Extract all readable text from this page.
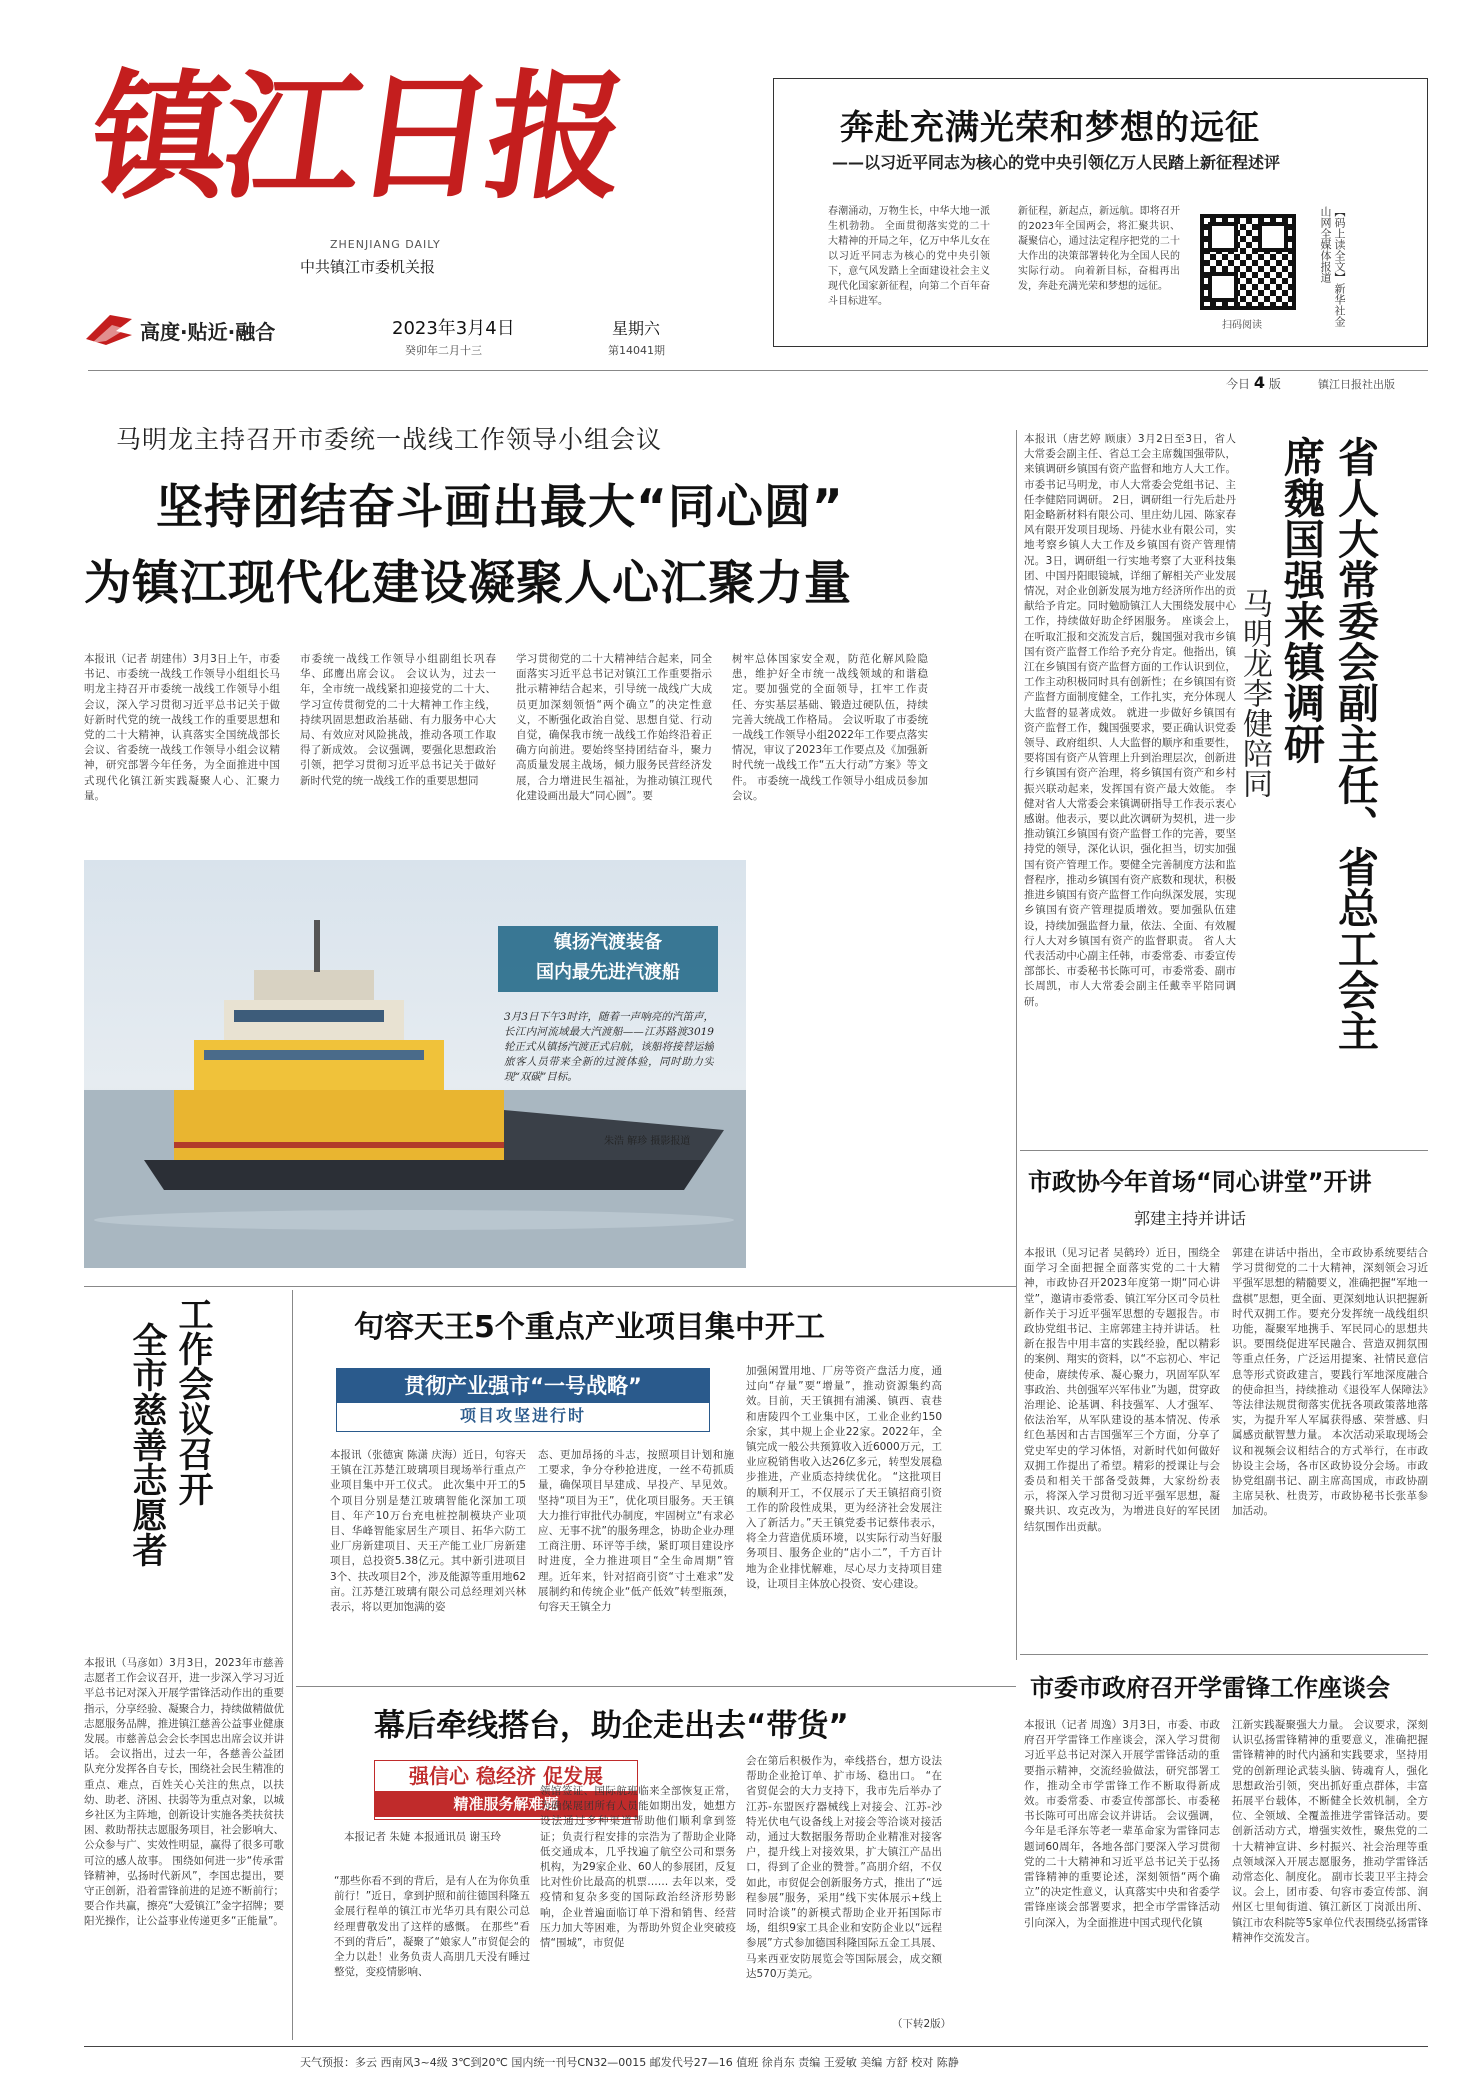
镇江日报
ZHENJIANG DAILY
中共镇江市委机关报
高度·贴近·融合	2023年3月4日
癸卯年二月十三
星期六
第14041期
奔赴充满光荣和梦想的远征
——以习近平同志为核心的党中央引领亿万人民踏上新征程述评
春潮涌动，万物生长，中华大地一派生机勃勃。 全面贯彻落实党的二十大精神的开局之年，亿万中华儿女在以习近平同志为核心的党中央引领下，意气风发踏上全面建设社会主义现代化国家新征程，向第二个百年奋斗目标进军。
新征程，新起点，新远航。即将召开的2023年全国两会，将汇聚共识、凝聚信心，通过法定程序把党的二十大作出的决策部署转化为全国人民的实际行动。 向着新目标，奋楫再出发，奔赴充满光荣和梦想的远征。
扫码阅读	【码上读全文】新华社金山网全媒体报道
今日 4 版	镇江日报社出版
马明龙主持召开市委统一战线工作领导小组会议
坚持团结奋斗画出最大“同心圆”
为镇江现代化建设凝聚人心汇聚力量
本报讯（记者 胡建伟）3月3日上午，市委书记、市委统一战线工作领导小组组长马明龙主持召开市委统一战线工作领导小组会议，深入学习贯彻习近平总书记关于做好新时代党的统一战线工作的重要思想和党的二十大精神，认真落实全国统战部长会议、省委统一战线工作领导小组会议精神，研究部署今年任务，为全面推进中国式现代化镇江新实践凝聚人心、汇聚力量。
市委统一战线工作领导小组副组长巩春华、邱鹰出席会议。 会议认为，过去一年，全市统一战线紧扣迎接党的二十大、学习宣传贯彻党的二十大精神工作主线，持续巩固思想政治基础、有力服务中心大局、有效应对风险挑战，推动各项工作取得了新成效。 会议强调，要强化思想政治引领，把学习贯彻习近平总书记关于做好新时代党的统一战线工作的重要思想同
学习贯彻党的二十大精神结合起来，同全面落实习近平总书记对镇江工作重要指示批示精神结合起来，引导统一战线广大成员更加深刻领悟“两个确立”的决定性意义，不断强化政治自觉、思想自觉、行动自觉，确保我市统一战线工作始终沿着正确方向前进。要始终坚持团结奋斗，聚力高质量发展主战场，倾力服务民营经济发展，合力增进民生福祉，为推动镇江现代化建设画出最大“同心圆”。要
树牢总体国家安全观，防范化解风险隐患，维护好全市统一战线领域的和谐稳定。要加强党的全面领导，扛牢工作责任、夯实基层基础、锻造过硬队伍，持续完善大统战工作格局。 会议听取了市委统一战线工作领导小组2022年工作要点落实情况，审议了2023年工作要点及《加强新时代统一战线工作“五大行动”方案》等文件。 市委统一战线工作领导小组成员参加会议。
镇扬汽渡装备
国内最先进汽渡船
3月3日下午3时许，随着一声响亮的汽笛声，长江内河流域最大汽渡船——江苏路渡3019轮正式从镇扬汽渡正式启航，该船将接替运输旅客人员带来全新的过渡体验，同时助力实现“双碳”目标。
朱浩 解珍 摄影报道
本报讯（唐艺婷 顾康）3月2日至3日，省人大常委会副主任、省总工会主席魏国强带队，来镇调研乡镇国有资产监督和地方人大工作。市委书记马明龙，市人大常委会党组书记、主任李健陪同调研。 2日，调研组一行先后赴丹阳金略新材料有限公司、里庄幼儿园、陈家春风有限开发项目现场、丹徒水业有限公司，实地考察乡镇人大工作及乡镇国有资产管理情况。3日，调研组一行实地考察了大亚科技集团、中国丹阳眼镜城，详细了解相关产业发展情况，对企业创新发展为地方经济所作出的贡献给予肯定。同时勉励镇江人大围绕发展中心工作，持续做好助企纾困服务。 座谈会上，在听取汇报和交流发言后，魏国强对我市乡镇国有资产监督工作给予充分肯定。他指出，镇江在乡镇国有资产监督方面的工作认识到位，工作主动积极同时具有创新性；在乡镇国有资产监督方面制度健全，工作扎实，充分体现人大监督的显著成效。 就进一步做好乡镇国有资产监督工作，魏国强要求，要正确认识党委领导、政府组织、人大监督的顺序和重要性，要将国有资产从管理上升到治理层次，创新进行乡镇国有资产治理，将乡镇国有资产和乡村振兴联动起来，发挥国有资产最大效能。 李健对省人大常委会来镇调研指导工作表示衷心感谢。他表示，要以此次调研为契机，进一步推动镇江乡镇国有资产监督工作的完善，要坚持党的领导，深化认识，强化担当，切实加强国有资产管理工作。要健全完善制度方法和监督程序，推动乡镇国有资产底数和现状，积极推进乡镇国有资产监督工作向纵深发展，实现乡镇国有资产管理提质增效。要加强队伍建设，持续加强监督力量，依法、全面、有效履行人大对乡镇国有资产的监督职责。 省人大代表活动中心副主任韩，市委常委、市委宣传部部长、市委秘书长陈可可，市委常委、副市长周凯，市人大常委会副主任戴幸平陪同调研。	省人大常委会副主任、省总工会主席魏国强来镇调研
马明龙李健陪同
市政协今年首场“同心讲堂”开讲
郭建主持并讲话
本报讯（见习记者 吴鹤玲）近日，围绕全面学习全面把握全面落实党的二十大精神，市政协召开2023年度第一期“同心讲堂”，邀请市委常委、镇江军分区司令员杜新作关于习近平强军思想的专题报告。市政协党组书记、主席郭建主持并讲话。 杜新在报告中用丰富的实践经验，配以精彩的案例、翔实的资料，以“不忘初心、牢记使命，赓续传承、凝心聚力，巩固军队军事政治、共创强军兴军伟业”为题，贯穿政治理论、论基调、科技强军、人才强军、依法治军，从军队建设的基本情况、传承红色基因和古吉国强军三个方面，分享了党史军史的学习体悟，对新时代如何做好双拥工作提出了希望。精彩的授课让与会委员和相关干部备受鼓舞，大家纷纷表示，将深入学习贯彻习近平强军思想，凝聚共识、攻克改为，为增进良好的军民团结氛围作出贡献。
郭建在讲话中指出，全市政协系统要结合学习贯彻党的二十大精神，深刻领会习近平强军思想的精髓要义，准确把握“军地一盘棋”思想，更全面、更深刻地认识把握新时代双拥工作。要充分发挥统一战线组织功能，凝聚军地携手、军民同心的思想共识。要围绕促进军民融合、营造双拥氛围等重点任务，广泛运用提案、社情民意信息等形式资政建言，要践行军地深度融合的使命担当，持续推动《退役军人保障法》等法律法规贯彻落实优抚各项政策落地落实，为提升军人军属获得感、荣誉感、归属感贡献智慧力量。 本次活动采取现场会议和视频会议相结合的方式举行，在市政协设主会场，各市区政协设分会场。市政协党组副书记、副主席高国成，市政协副主席吴秋、杜贵芳，市政协秘书长张革参加活动。
全市慈善志愿者 工作会议召开
本报讯（马彦如）3月3日，2023年市慈善志愿者工作会议召开，进一步深入学习习近平总书记对深入开展学雷锋活动作出的重要指示，分享经验、凝聚合力，持续做精做优志愿服务品牌，推进镇江慈善公益事业健康发展。市慈善总会会长李国忠出席会议并讲话。 会议指出，过去一年，各慈善公益团队充分发挥各自专长，围绕社会民生精准的重点、难点，百姓关心关注的焦点，以扶幼、助老、济困、扶弱等为重点对象，以城乡社区为主阵地，创新设计实施各类扶贫扶困、救助帮扶志愿服务项目，社会影响大、公众参与广、实效性明显，赢得了很多可歌可泣的感人故事。 围绕如何进一步“传承雷锋精神，弘扬时代新风”，李国忠提出，要守正创新，沿着雷锋前进的足迹不断前行；要合作共赢，擦亮“大爱镇江”金字招牌；要阳光操作，让公益事业传递更多“正能量”。
句容天王5个重点产业项目集中开工
贯彻产业强市“一号战略”
项目攻坚进行时
本报讯（张德寅 陈潇 庆海）近日，句容天王镇在江苏楚江玻璃项目现场举行重点产业项目集中开工仪式。 此次集中开工的5个项目分别是楚江玻璃智能化深加工项目、年产10万台充电桩控制模块产业项目、华峰智能家居生产项目、拓华六防工业厂房新建项目、天王产能工业厂房新建项目，总投资5.38亿元。其中新引进项目3个、扶改项目2个，涉及能源等重用地62亩。江苏楚江玻璃有限公司总经理刘兴林表示，将以更加饱满的姿
态、更加昂扬的斗志，按照项目计划和施工要求，争分夺秒抢进度，一丝不苟抓质量，确保项目早建成、早投产、早见效。 坚持“项目为王”，优化项目服务。天王镇大力推行审批代办制度，牢固树立“有求必应、无事不扰”的服务理念，协助企业办理工商注册、环评等手续，紧盯项目建设序时进度，全力推进项目“全生命周期”管理。近年来，针对招商引资“寸土难求”发展制约和传统企业“低产低效”转型瓶颈，句容天王镇全力
加强闲置用地、厂房等资产盘活力度，通过向“存量”要“增量”，推动资源集约高效。目前，天王镇拥有浦溪、镇西、袁巷和唐陵四个工业集中区，工业企业约150余家，其中规上企业22家。2022年，全镇完成一般公共预算收入近6000万元，工业应税销售收入达26亿多元，转型发展稳步推进，产业质态持续优化。 “这批项目的顺利开工，不仅展示了天王镇招商引资工作的阶段性成果，更为经济社会发展注入了新活力。”天王镇党委书记蔡伟表示，将全力营造优质环境，以实际行动当好服务项目、服务企业的“店小二”，千方百计地为企业排忧解难，尽心尽力支持项目建设，让项目主体放心投资、安心建设。
幕后牵线搭台，助企走出去“带货”
强信心 稳经济 促发展
精准服务解难题
本报记者 朱婕 本报通讯员 谢玉玲
“那些你看不到的背后，是有人在为你负重前行！”近日，拿到护照和前往德国科隆五金展行程单的镇江市光华刃具有限公司总经理曹敬发出了这样的感慨。 在那些“看不到的背后”，凝聚了“娘家人”市贸促会的全力以赴！业务负责人高朋几天没有睡过整觉，变疫情影响、
领馆签证、国际航班临来全部恢复正常，为确保展团所有人员能如期出发，她想方设法通过多种渠道帮助他们顺利拿到签证；负责行程安排的宗浩为了帮助企业降低交通成本，几乎找遍了航空公司和票务机构，为29家企业、60人的参展团，反复比对性价比最高的机票…… 去年以来，受疫情和复杂多变的国际政治经济形势影响，企业普遍面临订单下滑和销售、经营压力加大等困难，为帮助外贸企业突破疫情“围城”，市贸促
会在第后积极作为，牵线搭台，想方设法帮助企业抢订单、扩市场、稳出口。 “在省贸促会的大力支持下，我市先后举办了江苏-东盟医疗器械线上对接会、江苏-沙特光伏电气设备线上对接会等洽谈对接活动，通过大数据服务帮助企业精准对接客户，提升线上对接效果，扩大镇江产品出口，得到了企业的赞誉。”高朋介绍，不仅如此，市贸促会创新服务方式，推出了“远程参展”服务，采用“线下实体展示+线上同时洽谈”的新模式帮助企业开拓国际市场，组织9家工具企业和安防企业以“远程参展”方式参加德国科隆国际五金工具展、马来西亚安防展览会等国际展会，成交额达570万美元。
（下转2版）
市委市政府召开学雷锋工作座谈会
本报讯（记者 周逸）3月3日，市委、市政府召开学雷锋工作座谈会，深入学习贯彻习近平总书记对深入开展学雷锋活动的重要指示精神，交流经验做法，研究部署工作，推动全市学雷锋工作不断取得新成效。市委常委、市委宣传部部长、市委秘书长陈可可出席会议并讲话。 会议强调，今年是毛泽东等老一辈革命家为雷锋同志题词60周年，各地各部门要深入学习贯彻党的二十大精神和习近平总书记关于弘扬雷锋精神的重要论述，深刻领悟“两个确立”的决定性意义，认真落实中央和省委学雷锋座谈会部署要求，把全市学雷锋活动引向深入，为全面推进中国式现代化镇
江新实践凝聚强大力量。 会议要求，深刻认识弘扬雷锋精神的重要意义，准确把握雷锋精神的时代内涵和实践要求，坚持用党的创新理论武装头脑、铸魂育人，强化思想政治引领，突出抓好重点群体，丰富拓展平台载体，不断健全长效机制，全方位、全领域、全覆盖推进学雷锋活动。要创新活动方式，增强实效性，聚焦党的二十大精神宣讲、乡村振兴、社会治理等重点领域深入开展志愿服务，推动学雷锋活动常态化、制度化。 副市长裴卫平主持会议。会上，团市委、句容市委宣传部、润州区七里甸街道、镇江新区丁岗派出所、镇江市农科院等5家单位代表围绕弘扬雷锋精神作交流发言。
天气预报：多云 西南风3~4级 3℃到20℃ 国内统一刊号CN32—0015 邮发代号27—16 值班 徐肖东 责编 王爱敏 美编 方舒 校对 陈静
